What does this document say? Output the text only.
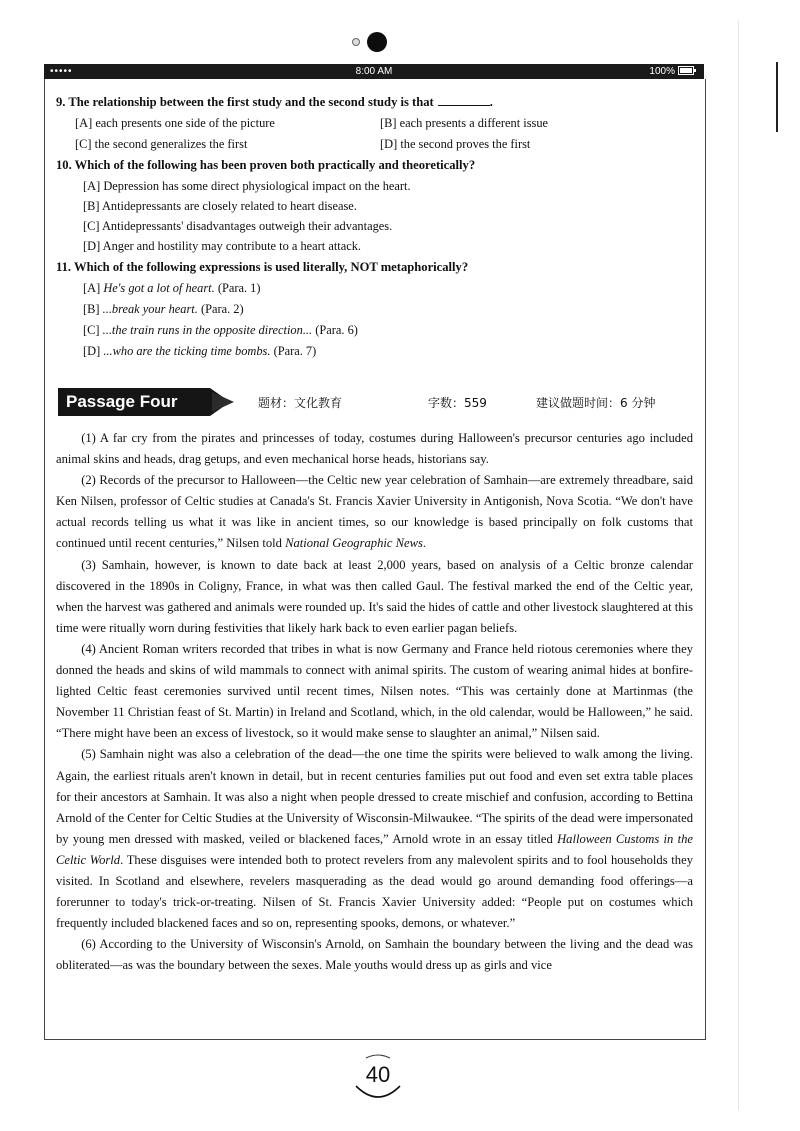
•••••	8:00 AM	100%
9. The relationship between the first study and the second study is that	.
[A] each presents one side of the picture	[B] each presents a different issue
[C] the second generalizes the first	[D] the second proves the first
10. Which of the following has been proven both practically and theoretically?
[A] Depression has some direct physiological impact on the heart.
[B] Antidepressants are closely related to heart disease.
[C] Antidepressants' disadvantages outweigh their advantages.
[D] Anger and hostility may contribute to a heart attack.
11. Which of the following expressions is used literally, NOT metaphorically?
[A] He's got a lot of heart. (Para. 1)
[B] ...break your heart. (Para. 2)
[C] ...the train runs in the opposite direction... (Para. 6)
[D] ...who are the ticking time bombs. (Para. 7)
Passage Four	题材：文化教育	字数：559	建议做题时间：6 分钟

(1) A far cry from the pirates and princesses of today, costumes during Halloween's precursor centuries ago included animal skins and heads, drag getups, and even mechanical horse heads, historians say.

(2) Records of the precursor to Halloween—the Celtic new year celebration of Samhain—are extremely threadbare, said Ken Nilsen, professor of Celtic studies at Canada's St. Francis Xavier University in Antigonish, Nova Scotia. “We don't have actual records telling us what it was like in ancient times, so our knowledge is based principally on folk customs that continued until recent centuries,” Nilsen told National Geographic News.

(3) Samhain, however, is known to date back at least 2,000 years, based on analysis of a Celtic bronze calendar discovered in the 1890s in Coligny, France, in what was then called Gaul. The festival marked the end of the Celtic year, when the harvest was gathered and animals were rounded up. It's said the hides of cattle and other livestock slaughtered at this time were ritually worn during festivities that likely hark back to even earlier pagan beliefs.

(4) Ancient Roman writers recorded that tribes in what is now Germany and France held riotous ceremonies where they donned the heads and skins of wild mammals to connect with animal spirits. The custom of wearing animal hides at bonfire-lighted Celtic feast ceremonies survived until recent times, Nilsen notes. “This was certainly done at Martinmas (the November 11 Christian feast of St. Martin) in Ireland and Scotland, which, in the old calendar, would be Halloween,” he said. “There might have been an excess of livestock, so it would make sense to slaughter an animal,” Nilsen said.

(5) Samhain night was also a celebration of the dead—the one time the spirits were believed to walk among the living. Again, the earliest rituals aren't known in detail, but in recent centuries families put out food and even set extra table places for their ancestors at Samhain. It was also a night when people dressed to create mischief and confusion, according to Bettina Arnold of the Center for Celtic Studies at the University of Wisconsin-Milwaukee. “The spirits of the dead were impersonated by young men dressed with masked, veiled or blackened faces,” Arnold wrote in an essay titled Halloween Customs in the Celtic World. These disguises were intended both to protect revelers from any malevolent spirits and to fool households they visited. In Scotland and elsewhere, revelers masquerading as the dead would go around demanding food offerings—a forerunner to today's trick-or-treating. Nilsen of St. Francis Xavier University added: “People put on costumes which frequently included blackened faces and so on, representing spooks, demons, or whatever.”

(6) According to the University of Wisconsin's Arnold, on Samhain the boundary between the living and the dead was obliterated—as was the boundary between the sexes. Male youths would dress up as girls and vice

40
